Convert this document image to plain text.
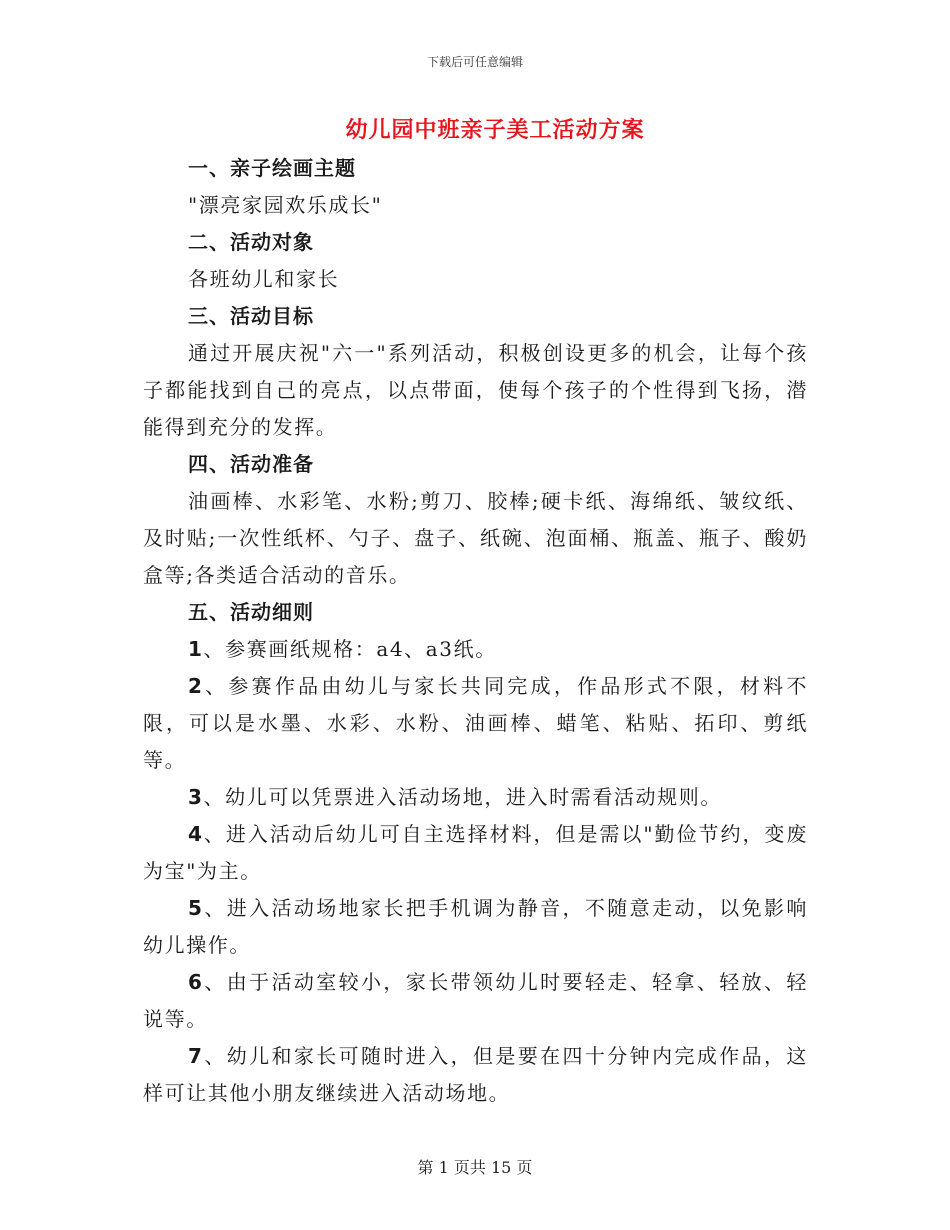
下载后可任意编辑
幼儿园中班亲子美工活动方案
一、亲子绘画主题

"漂亮家园欢乐成长"

二、活动对象

各班幼儿和家长

三、活动目标

通过开展庆祝"六一"系列活动，积极创设更多的机会，让每个孩子都能找到自己的亮点，以点带面，使每个孩子的个性得到飞扬，潜能得到充分的发挥。

四、活动准备

油画棒、水彩笔、水粉;剪刀、胶棒;硬卡纸、海绵纸、皱纹纸、及时贴;一次性纸杯、勺子、盘子、纸碗、泡面桶、瓶盖、瓶子、酸奶盒等;各类适合活动的音乐。

五、活动细则

1、参赛画纸规格：a4、a3纸。

2、参赛作品由幼儿与家长共同完成，作品形式不限，材料不限，可以是水墨、水彩、水粉、油画棒、蜡笔、粘贴、拓印、剪纸等。

3、幼儿可以凭票进入活动场地，进入时需看活动规则。

4、进入活动后幼儿可自主选择材料，但是需以"勤俭节约，变废为宝"为主。

5、进入活动场地家长把手机调为静音，不随意走动，以免影响幼儿操作。

6、由于活动室较小，家长带领幼儿时要轻走、轻拿、轻放、轻说等。

7、幼儿和家长可随时进入，但是要在四十分钟内完成作品，这样可让其他小朋友继续进入活动场地。

第 1 页共 15 页
